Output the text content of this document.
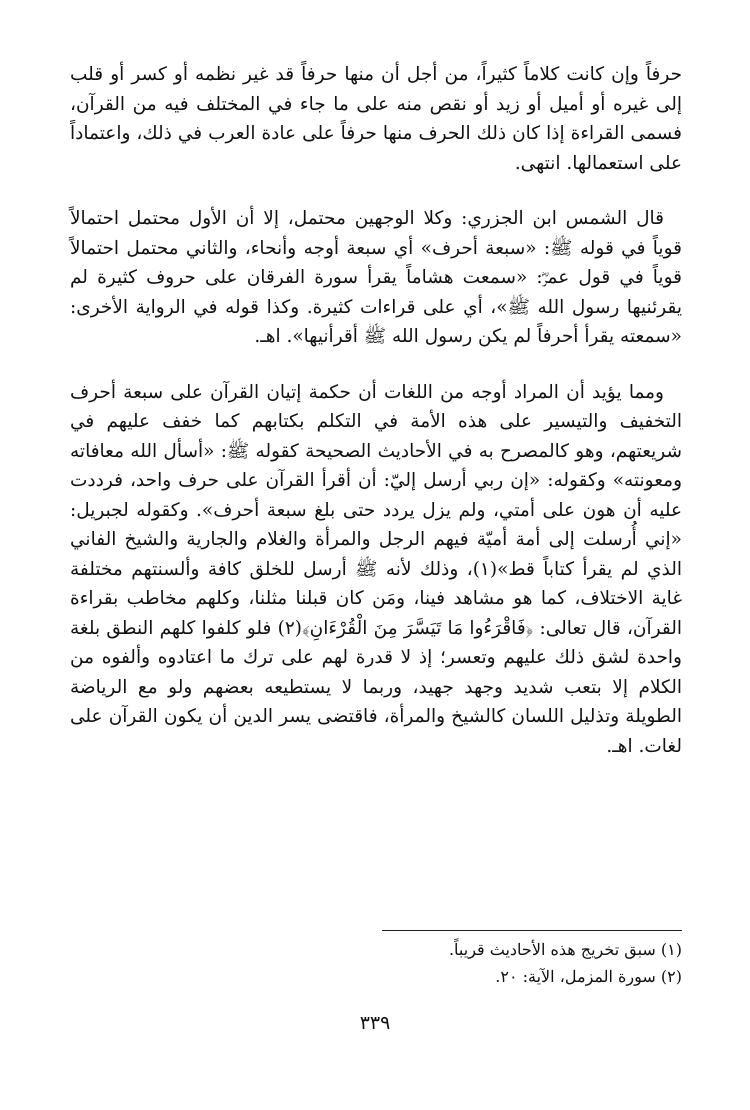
حرفاً وإن كانت كلاماً كثيراً، من أجل أن منها حرفاً قد غير نظمه أو كسر أو قلب إلى غيره أو أميل أو زيد أو نقص منه على ما جاء في المختلف فيه من القرآن، فسمى القراءة إذا كان ذلك الحرف منها حرفاً على عادة العرب في ذلك، واعتماداً على استعمالها. انتهى.

قال الشمس ابن الجزري: وكلا الوجهين محتمل، إلا أن الأول محتمل احتمالاً قوياً في قوله ﷺ: «سبعة أحرف» أي سبعة أوجه وأنحاء، والثاني محتمل احتمالاً قوياً في قول عمرؓ: «سمعت هشاماً يقرأ سورة الفرقان على حروف كثيرة لم يقرئنيها رسول الله ﷺ»، أي على قراءات كثيرة. وكذا قوله في الرواية الأخرى: «سمعته يقرأ أحرفاً لم يكن رسول الله ﷺ أقرأنيها». اهـ.

ومما يؤيد أن المراد أوجه من اللغات أن حكمة إتيان القرآن على سبعة أحرف التخفيف والتيسير على هذه الأمة في التكلم بكتابهم كما خفف عليهم في شريعتهم، وهو كالمصرح به في الأحاديث الصحيحة كقوله ﷺ: «أسأل الله معافاته ومعونته» وكقوله: «إن ربي أرسل إليّ: أن أقرأ القرآن على حرف واحد، فرددت عليه أن هون على أمتي، ولم يزل يردد حتى بلغ سبعة أحرف». وكقوله لجبريل: «إني أُرسلت إلى أمة أميّة فيهم الرجل والمرأة والغلام والجارية والشيخ الفاني الذي لم يقرأ كتاباً قط»(١)، وذلك لأنه ﷺ أرسل للخلق كافة وألسنتهم مختلفة غاية الاختلاف، كما هو مشاهد فينا، ومَن كان قبلنا مثلنا، وكلهم مخاطب بقراءة القرآن، قال تعالى: ﴿فَاقْرَءُوا مَا تَيَسَّرَ مِنَ الْقُرْءَانِ﴾(٢) فلو كلفوا كلهم النطق بلغة واحدة لشق ذلك عليهم وتعسر؛ إذ لا قدرة لهم على ترك ما اعتادوه وألفوه من الكلام إلا بتعب شديد وجهد جهيد، وربما لا يستطيعه بعضهم ولو مع الرياضة الطويلة وتذليل اللسان كالشيخ والمرأة، فاقتضى يسر الدين أن يكون القرآن على لغات. اهـ.

(١) سبق تخريج هذه الأحاديث قريباً.

(٢) سورة المزمل، الآية: ٢٠.

٣٣٩
